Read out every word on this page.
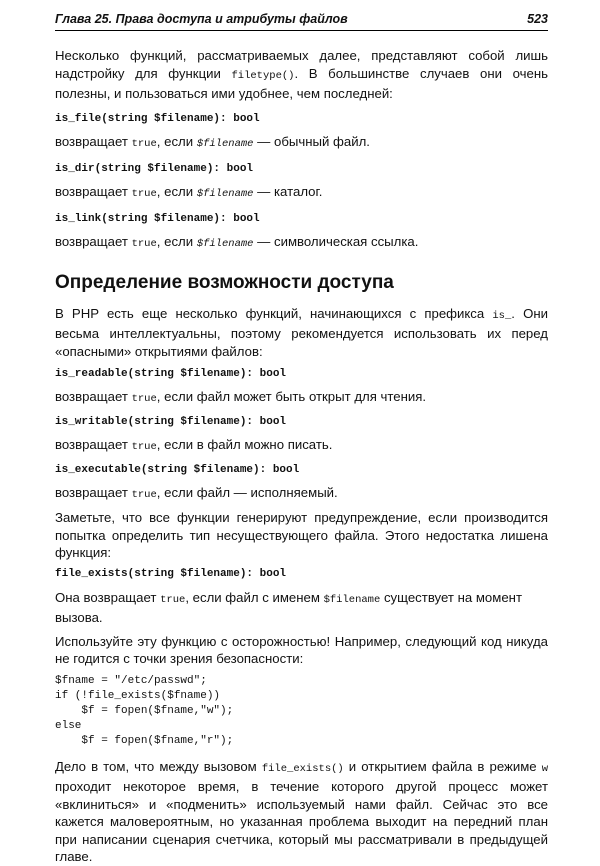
Глава 25. Права доступа и атрибуты файлов	523

Несколько функций, рассматриваемых далее, представляют собой лишь надстройку для функции filetype(). В большинстве случаев они очень полезны, и пользоваться ими удобнее, чем последней:

is_file(string $filename): bool
возвращает true, если $filename — обычный файл.
is_dir(string $filename): bool
возвращает true, если $filename — каталог.
is_link(string $filename): bool
возвращает true, если $filename — символическая ссылка.
Определение возможности доступа

В PHP есть еще несколько функций, начинающихся с префикса is_. Они весьма интеллектуальны, поэтому рекомендуется использовать их перед «опасными» открытиями файлов:

is_readable(string $filename): bool
возвращает true, если файл может быть открыт для чтения.
is_writable(string $filename): bool
возвращает true, если в файл можно писать.
is_executable(string $filename): bool
возвращает true, если файл — исполняемый.

Заметьте, что все функции генерируют предупреждение, если производится попытка определить тип несуществующего файла. Этого недостатка лишена функция:

file_exists(string $filename): bool
Она возвращает true, если файл с именем $filename существует на момент вызова.

Используйте эту функцию с осторожностью! Например, следующий код никуда не годится с точки зрения безопасности:

$fname = "/etc/passwd";
if (!file_exists($fname))
$f = fopen($fname,"w");
else
$f = fopen($fname,"r");

Дело в том, что между вызовом file_exists() и открытием файла в режиме w проходит некоторое время, в течение которого другой процесс может «вклиниться» и «подменить» используемый нами файл. Сейчас это все кажется маловероятным, но указанная проблема выходит на передний план при написании сценария счетчика, который мы рассматривали в предыдущей главе.
